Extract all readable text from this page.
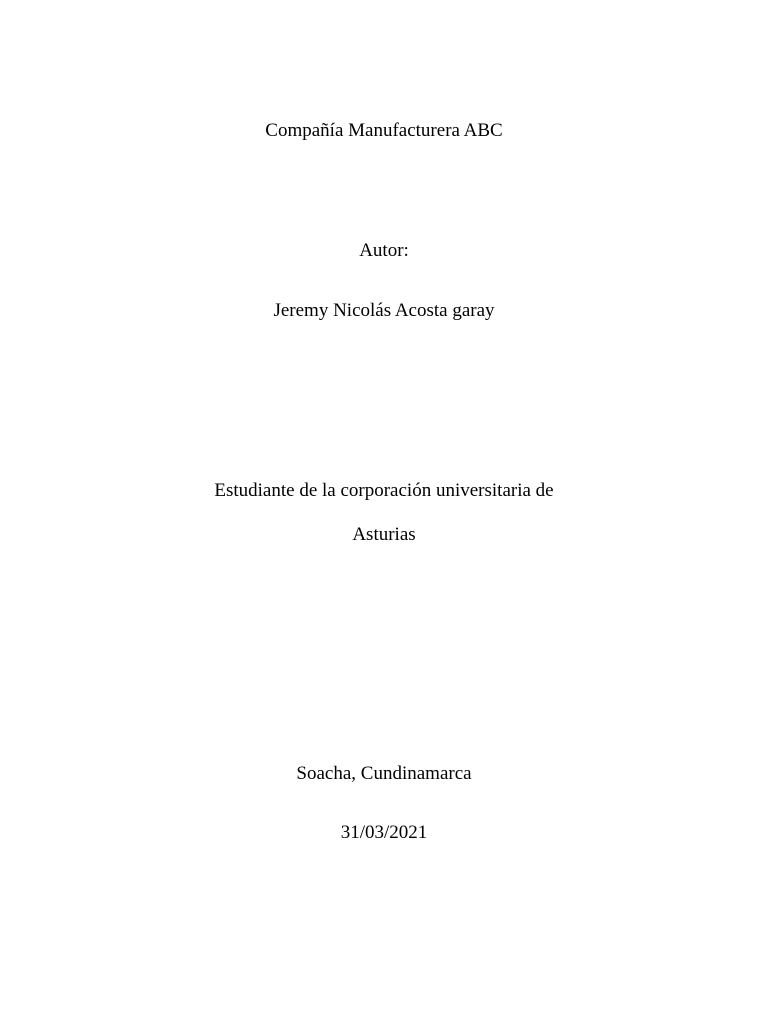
Compañía Manufacturera ABC
Autor:
Jeremy Nicolás Acosta garay
Estudiante de la corporación universitaria de
Asturias
Soacha, Cundinamarca
31/03/2021
